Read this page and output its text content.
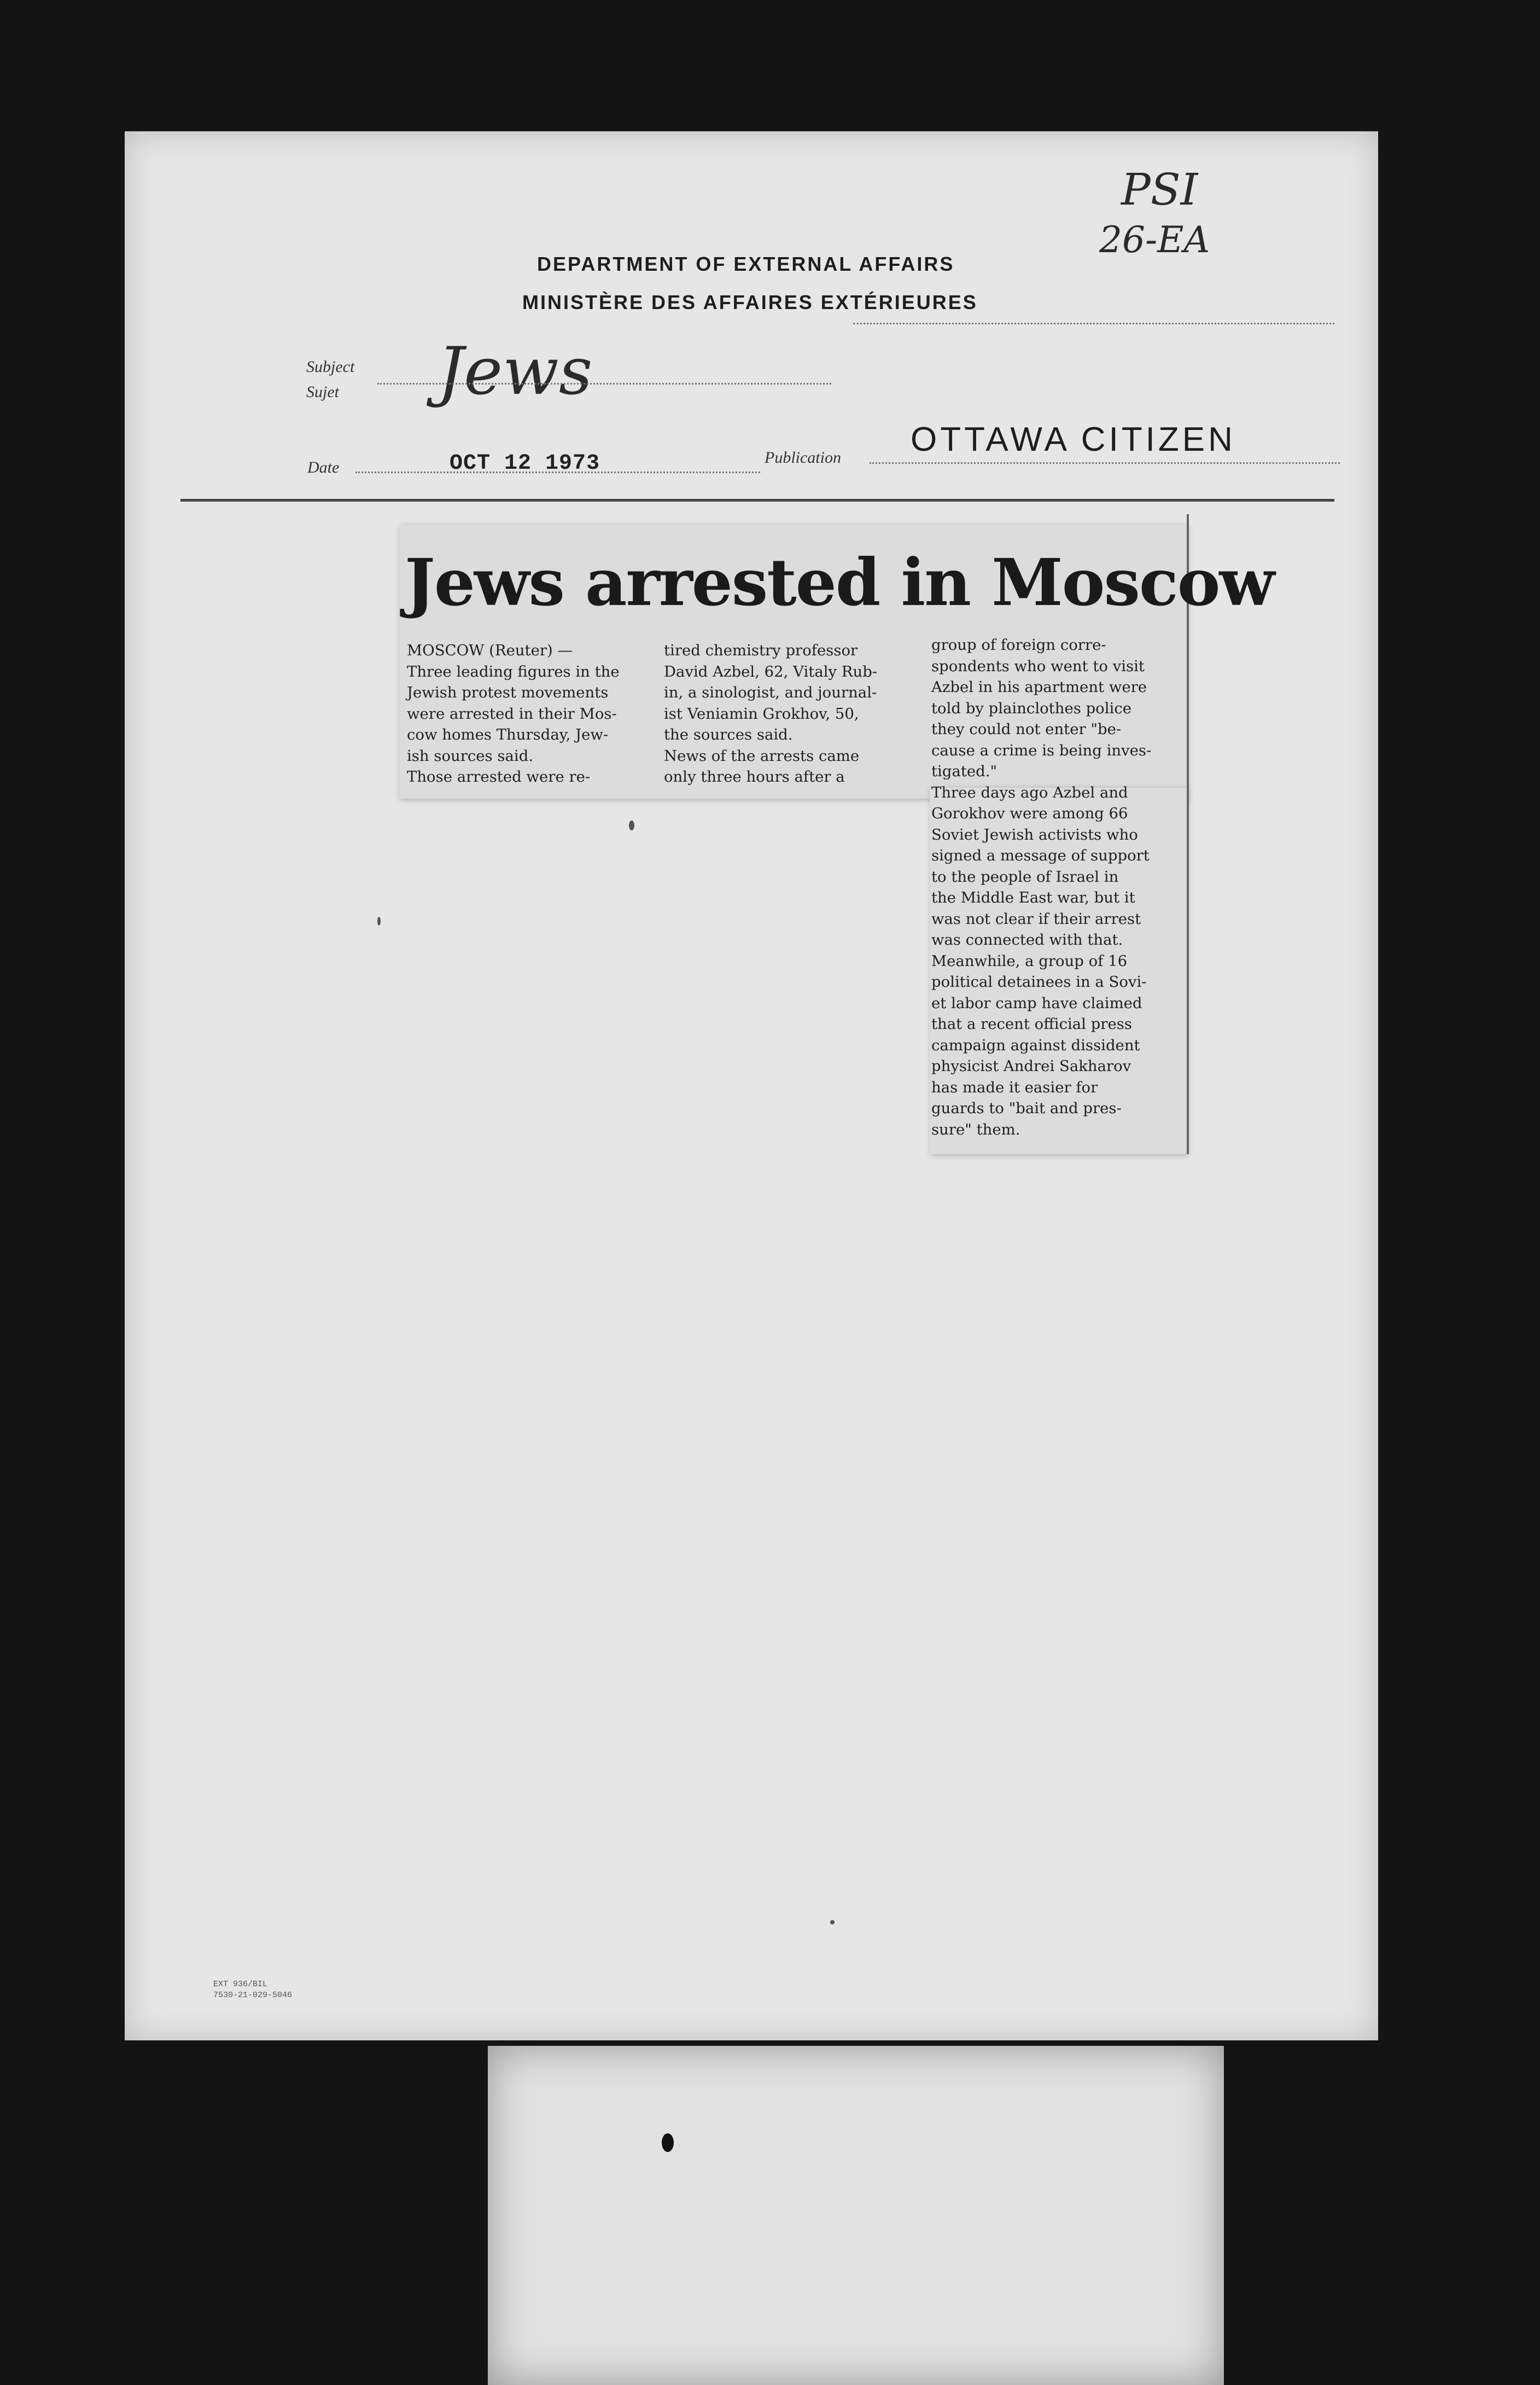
PSI
26-EA
DEPARTMENT OF EXTERNAL AFFAIRS
MINISTÈRE DES AFFAIRES EXTÉRIEURES
Subject
Sujet Jews
Date	OCT 12 1973	Publication OTTAWA CITIZEN
Jews arrested in Moscow
MOSCOW (Reuter) —
Three leading figures in the
Jewish protest movements
were arrested in their Mos-
cow homes Thursday, Jew-
ish sources said.
Those arrested were re-
tired chemistry professor
David Azbel, 62, Vitaly Rub-
in, a sinologist, and journal-
ist Veniamin Grokhov, 50,
the sources said.
News of the arrests came
only three hours after a
group of foreign corre-
spondents who went to visit
Azbel in his apartment were
told by plainclothes police
they could not enter "be-
cause a crime is being inves-
tigated."
Three days ago Azbel and
Gorokhov were among 66
Soviet Jewish activists who
signed a message of support
to the people of Israel in
the Middle East war, but it
was not clear if their arrest
was connected with that.
Meanwhile, a group of 16
political detainees in a Sovi-
et labor camp have claimed
that a recent official press
campaign against dissident
physicist Andrei Sakharov
has made it easier for
guards to "bait and pres-
sure" them.
EXT 936/BIL
7530-21-029-5046
